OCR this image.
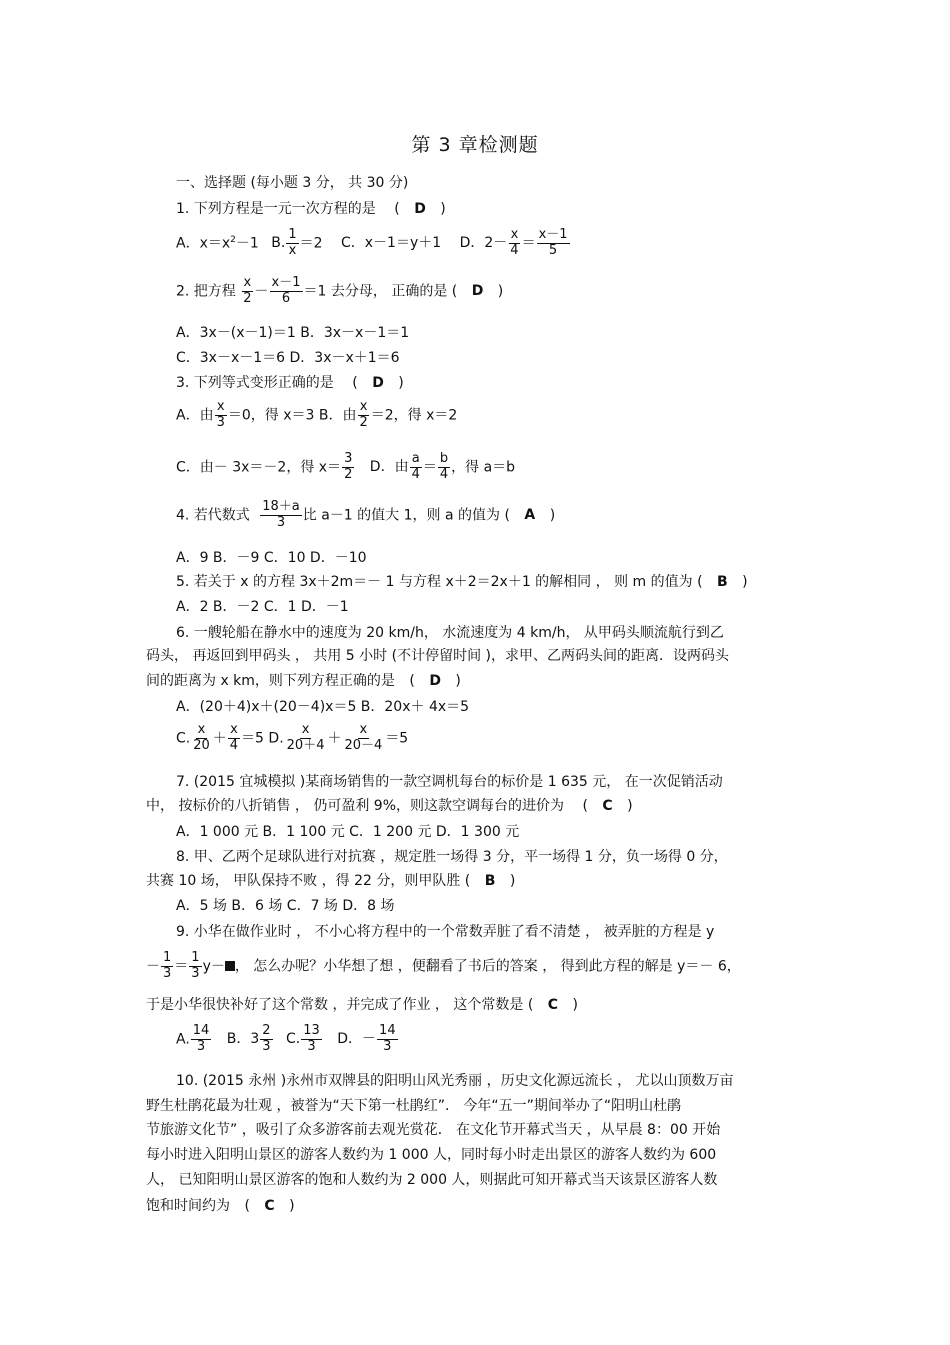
第 3 章检测题
一、选择题 (每小题 3 分， 共 30 分)
1. 下列方程是一元一次方程的是 ( D )
A．$x=x^2-1$ B. $\frac{1}{x} =2$ C．x－1＝y＋1 D．$2- \frac{x}{4} = \frac{x-1}{5}$
2. 把方程 $\frac{x}{2} - \frac{x-1}{6} =1$ 去分母， 正确的是 ( D )
A．3x－(x－1)＝1 B．3x－x－1＝1
C．3x－x－1＝6 D．3x－x＋1＝6
3. 下列等式变形正确的是 ( D )
A．由 $\frac{x}{3} =0$，得 x＝3 B．由 $\frac{x}{2} =2$，得 x＝2
C．由－ 3x＝－2，得 $x= \frac{3}{2}$ D．由 $\frac{a}{4} = \frac{b}{4}$ ，得 a＝b
4. 若代数式 $\frac{18+a}{3}$ 比 a－1 的值大 1，则 a 的值为 ( A )
A．9 B．－9 C．10 D．－10
5. 若关于 x 的方程 3x＋2m＝－ 1 与方程 x＋2＝2x＋1 的解相同 ， 则 m 的值为 ( B )
A．2 B．－2 C．1 D．－1
6. 一艘轮船在静水中的速度为 20 km/h， 水流速度为 4 km/h， 从甲码头顺流航行到乙
码头， 再返回到甲码头 ， 共用 5 小时 (不计停留时间 )，求甲、乙两码头间的距离．设两码头
间的距离为 x km，则下列方程正确的是 ( D )
A．(20＋4)x＋(20－4)x＝5 B．20x＋ 4x＝5
C. $\frac{x}{20} + \frac{x}{4} =5$ D. $\frac{x}{20+4} + \frac{x}{20-4} =5$
7. (2015 宜城模拟 )某商场销售的一款空调机每台的标价是 1 635 元， 在一次促销活动
中， 按标价的八折销售 ， 仍可盈利 9%，则这款空调每台的进价为 ( C )
A．1 000 元 B．1 100 元 C．1 200 元 D．1 300 元
8. 甲、乙两个足球队进行对抗赛 ，规定胜一场得 3 分，平一场得 1 分，负一场得 0 分，
共赛 10 场， 甲队保持不败 ，得 22 分，则甲队胜 ( B )
A．5 场 B．6 场 C．7 场 D．8 场
9. 小华在做作业时 ， 不小心将方程中的一个常数弄脏了看不清楚 ， 被弄脏的方程是 y
－ $\frac{1}{3} = \frac{1}{3} y-$ ， 怎么办呢？小华想了想 ，便翻看了书后的答案 ， 得到此方程的解是 y＝－ 6，
于是小华很快补好了这个常数 ，并完成了作业 ， 这个常数是 ( C )
A. $\frac{14}{3}$ B．$3 \frac{2}{3} C$. $\frac{13}{3}$ D．－ $\frac{14}{3}$
10. (2015 永州 )永州市双牌县的阳明山风光秀丽 ，历史文化源远流长 ， 尤以山顶数万亩
野生杜鹃花最为壮观 ，被誉为“天下第一杜鹃红”． 今年“五一”期间举办了“阳明山杜鹃
节旅游文化节” ，吸引了众多游客前去观光赏花． 在文化节开幕式当天 ，从早晨 8：00 开始
每小时进入阳明山景区的游客人数约为 1 000 人，同时每小时走出景区的游客人数约为 600
人， 已知阳明山景区游客的饱和人数约为 2 000 人，则据此可知开幕式当天该景区游客人数
饱和时间约为 ( C )
